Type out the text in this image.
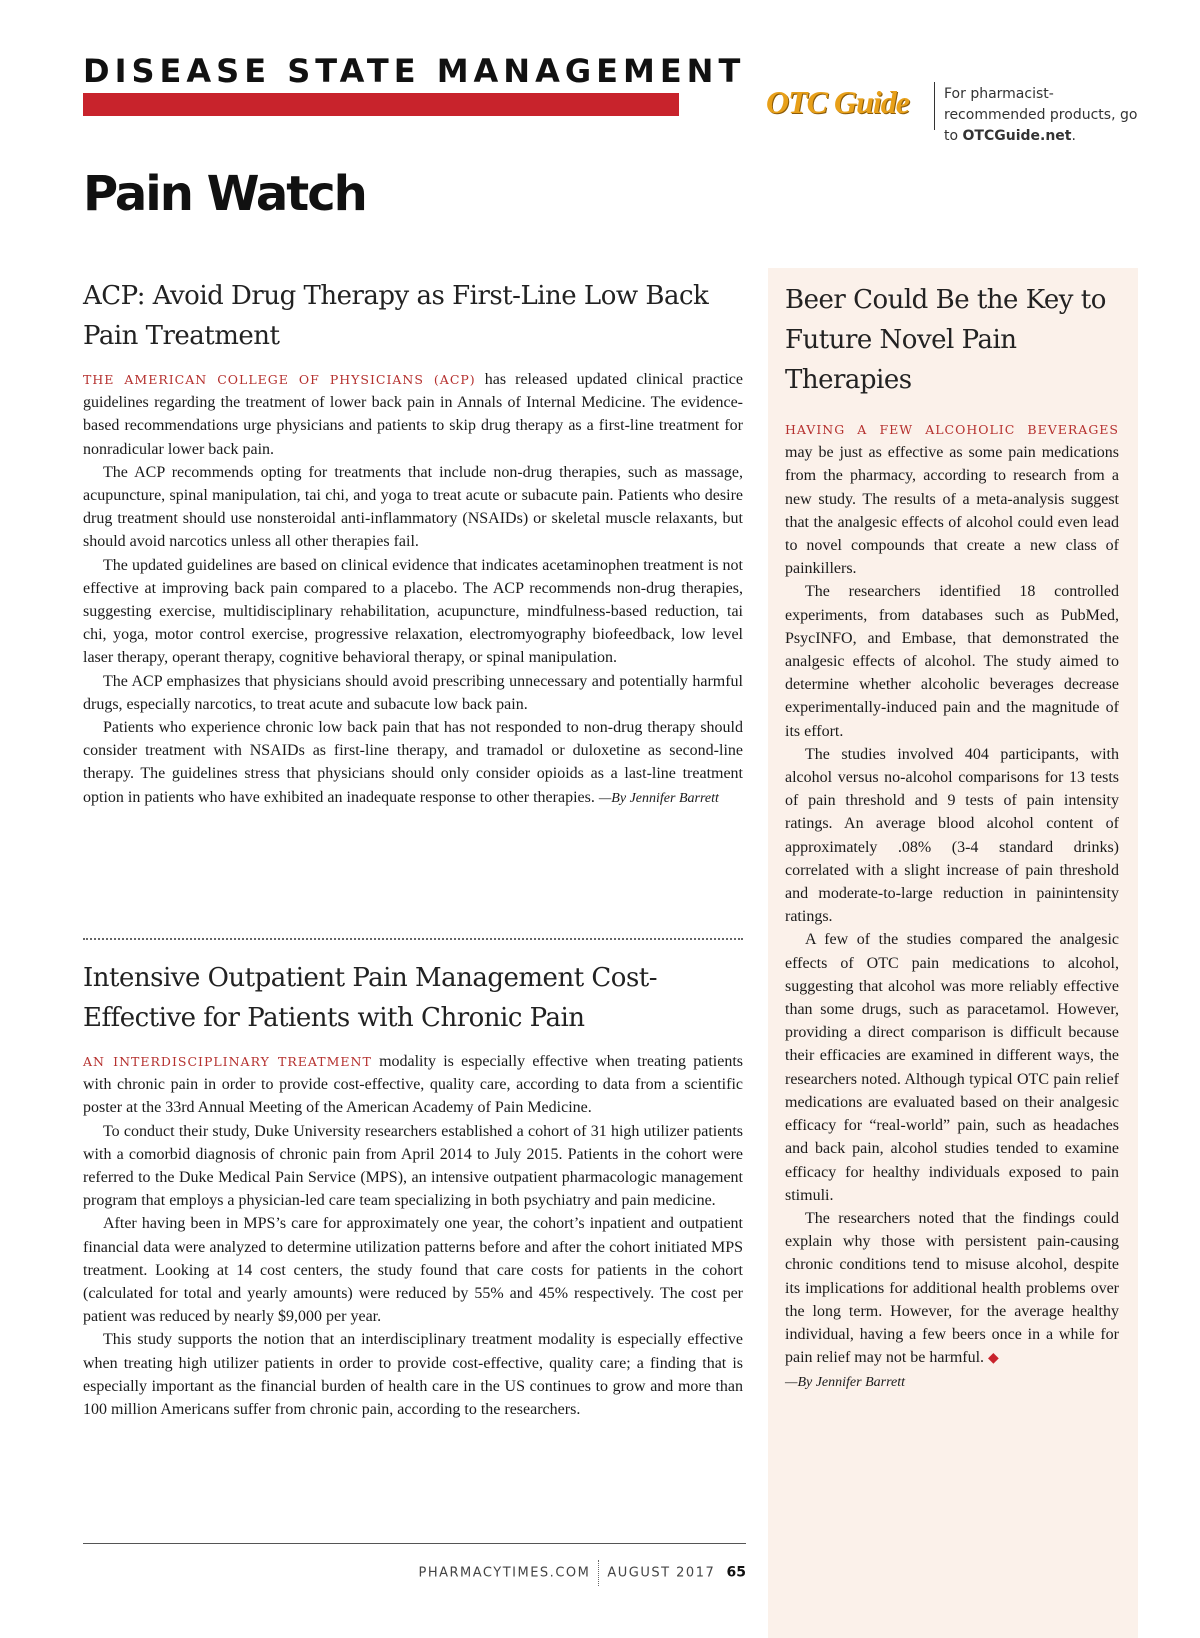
DISEASE STATE MANAGEMENT
OTC Guide	For pharmacist-recommended products, go to OTCGuide.net.
Pain Watch
ACP: Avoid Drug Therapy as First-Line Low Back Pain Treatment

THE AMERICAN COLLEGE OF PHYSICIANS (ACP) has released updated clinical practice guidelines regarding the treatment of lower back pain in Annals of Internal Medicine. The evidence-based recommendations urge physicians and patients to skip drug therapy as a first-line treatment for nonradicular lower back pain.

The ACP recommends opting for treatments that include non-drug therapies, such as massage, acupuncture, spinal manipulation, tai chi, and yoga to treat acute or subacute pain. Patients who desire drug treatment should use nonsteroidal anti-inflammatory (NSAIDs) or skeletal muscle relaxants, but should avoid narcotics unless all other therapies fail.

The updated guidelines are based on clinical evidence that indicates acetaminophen treatment is not effective at improving back pain compared to a placebo. The ACP recommends non-drug therapies, suggesting exercise, multidisciplinary rehabilitation, acupuncture, mindfulness-based reduction, tai chi, yoga, motor control exercise, progressive relaxation, electromyography biofeedback, low level laser therapy, operant therapy, cognitive behavioral therapy, or spinal manipulation.

The ACP emphasizes that physicians should avoid prescribing unnecessary and potentially harmful drugs, especially narcotics, to treat acute and subacute low back pain.

Patients who experience chronic low back pain that has not responded to non-drug therapy should consider treatment with NSAIDs as first-line therapy, and tramadol or duloxetine as second-line therapy. The guidelines stress that physicians should only consider opioids as a last-line treatment option in patients who have exhibited an inadequate response to other therapies. —By Jennifer Barrett

Intensive Outpatient Pain Management Cost-Effective for Patients with Chronic Pain

AN INTERDISCIPLINARY TREATMENT modality is especially effective when treating patients with chronic pain in order to provide cost-effective, quality care, according to data from a scientific poster at the 33rd Annual Meeting of the American Academy of Pain Medicine.

To conduct their study, Duke University researchers established a cohort of 31 high utilizer patients with a comorbid diagnosis of chronic pain from April 2014 to July 2015. Patients in the cohort were referred to the Duke Medical Pain Service (MPS), an intensive outpatient pharmacologic management program that employs a physician-led care team specializing in both psychiatry and pain medicine.

After having been in MPS’s care for approximately one year, the cohort’s inpatient and outpatient financial data were analyzed to determine utilization patterns before and after the cohort initiated MPS treatment. Looking at 14 cost centers, the study found that care costs for patients in the cohort (calculated for total and yearly amounts) were reduced by 55% and 45% respectively. The cost per patient was reduced by nearly $9,000 per year.

This study supports the notion that an interdisciplinary treatment modality is especially effective when treating high utilizer patients in order to provide cost-effective, quality care; a finding that is especially important as the financial burden of health care in the US continues to grow and more than 100 million Americans suffer from chronic pain, according to the researchers.

Beer Could Be the Key to Future Novel Pain Therapies

HAVING A FEW ALCOHOLIC BEVERAGES may be just as effective as some pain medications from the pharmacy, according to research from a new study. The results of a meta-analysis suggest that the analgesic effects of alcohol could even lead to novel compounds that create a new class of painkillers.

The researchers identified 18 controlled experiments, from databases such as PubMed, PsycINFO, and Embase, that demonstrated the analgesic effects of alcohol. The study aimed to determine whether alcoholic beverages decrease experimentally-induced pain and the magnitude of its effort.

The studies involved 404 participants, with alcohol versus no-alcohol comparisons for 13 tests of pain threshold and 9 tests of pain intensity ratings. An average blood alcohol content of approximately .08% (3-4 standard drinks) correlated with a slight increase of pain threshold and moderate-to-large reduction in painintensity ratings.

A few of the studies compared the analgesic effects of OTC pain medications to alcohol, suggesting that alcohol was more reliably effective than some drugs, such as paracetamol. However, providing a direct comparison is difficult because their efficacies are examined in different ways, the researchers noted. Although typical OTC pain relief medications are evaluated based on their analgesic efficacy for “real-world” pain, such as headaches and back pain, alcohol studies tended to examine efficacy for healthy individuals exposed to pain stimuli.

The researchers noted that the findings could explain why those with persistent pain-causing chronic conditions tend to misuse alcohol, despite its implications for additional health problems over the long term. However, for the average healthy individual, having a few beers once in a while for pain relief may not be harmful. ◆

—By Jennifer Barrett

PHARMACYTIMES.COM AUGUST 2017 65
